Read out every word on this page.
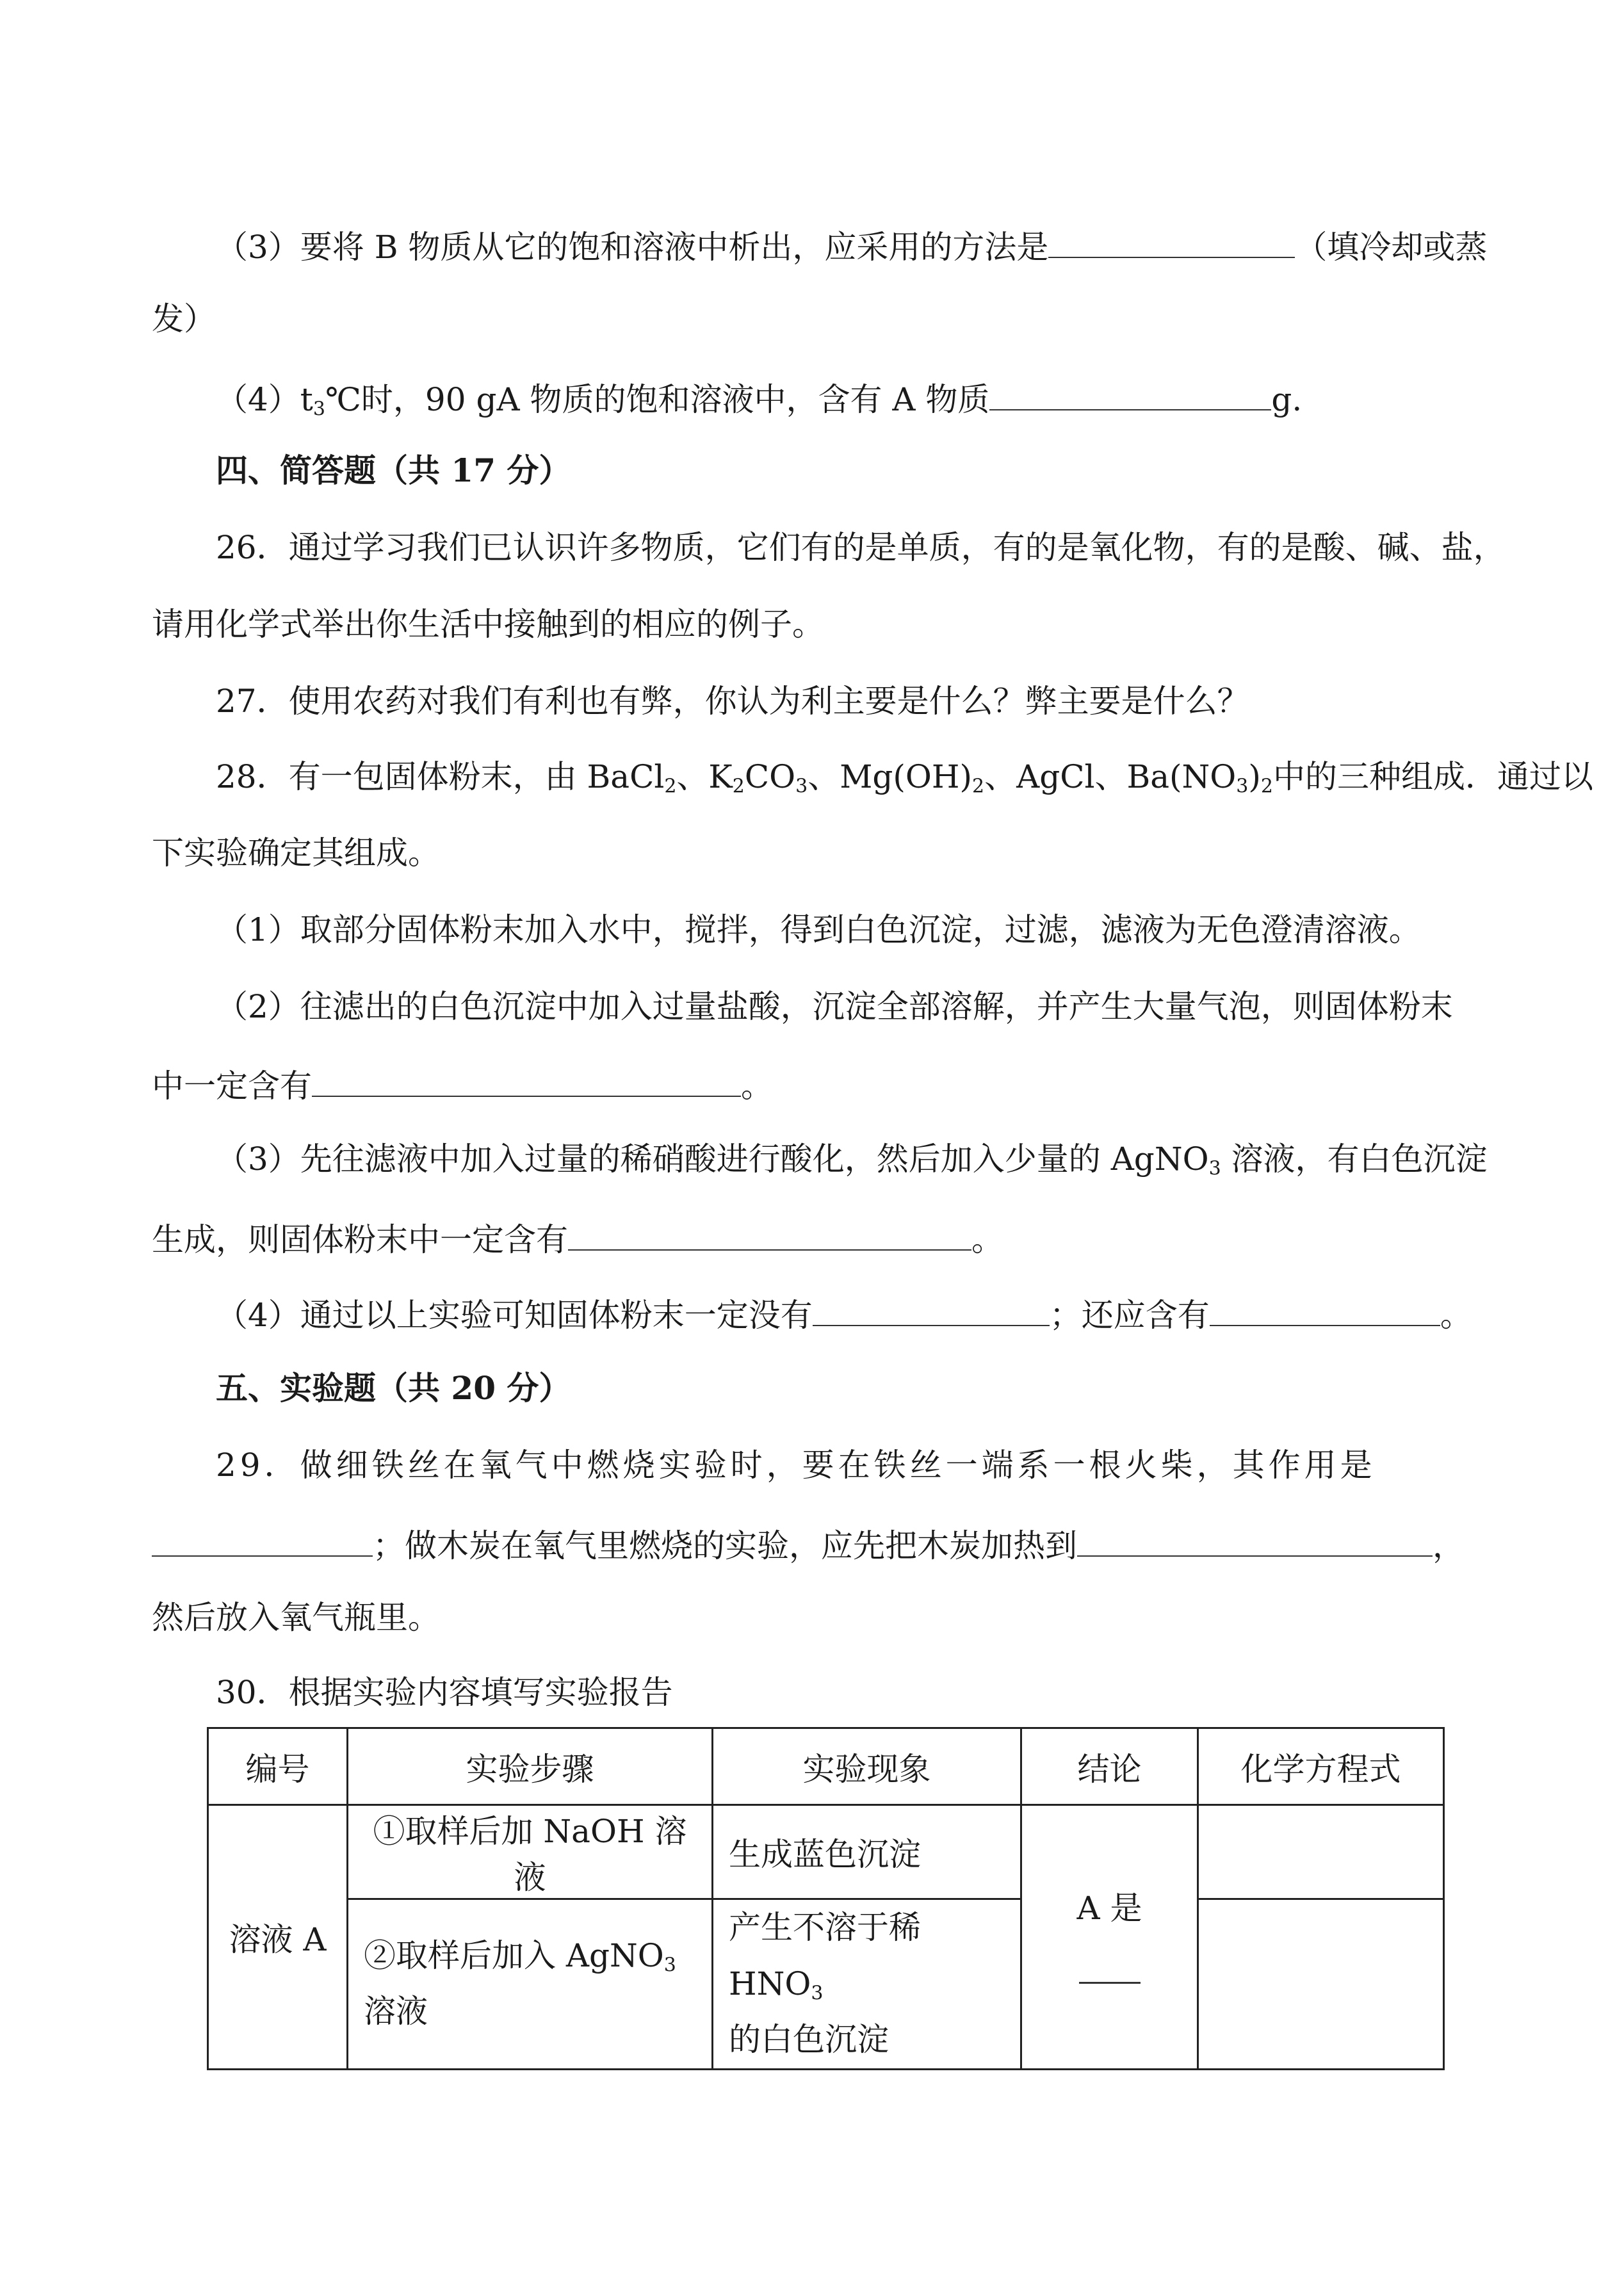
（3）要将 B 物质从它的饱和溶液中析出，应采用的方法是	（填冷却或蒸
发）
$(4)t_3℃$时，90 gA 物质的饱和溶液中，含有 A 物质	g.
四、简答题（共 17 分）
26．通过学习我们已认识许多物质，它们有的是单质，有的是氧化物，有的是酸、碱、盐，
请用化学式举出你生活中接触到的相应的例子。
27．使用农药对我们有利也有弊，你认为利主要是什么？弊主要是什么？
28．有一包固体粉末，由 BaCl$_2$、$K_2CO_3$、$Mg(OH)_2$、AgCl、$Ba(NO_3)_2$中的三种组成．通过以
下实验确定其组成。
（1）取部分固体粉末加入水中，搅拌，得到白色沉淀，过滤，滤液为无色澄清溶液。
（2）往滤出的白色沉淀中加入过量盐酸，沉淀全部溶解，并产生大量气泡，则固体粉末
中一定含有	。
（3）先往滤液中加入过量的稀硝酸进行酸化，然后加入少量的 AgNO$_3$ 溶液，有白色沉淀
生成，则固体粉末中一定含有	。
（4）通过以上实验可知固体粉末一定没有	；还应含有	。
五、实验题（共 20 分）
29．做细铁丝在氧气中燃烧实验时，要在铁丝一端系一根火柴，其作用是
；做木炭在氧气里燃烧的实验，应先把木炭加热到	，
然后放入氧气瓶里。
30．根据实验内容填写实验报告
编号	实验步骤	实验现象	结论	化学方程式
溶液 A	①取样后加 NaOH 溶液	生成蓝色沉淀	A 是	

	②取样后加入 AgNO$_3$ 溶液	产生不溶于稀 $HNO_3$
的白色沉淀		
